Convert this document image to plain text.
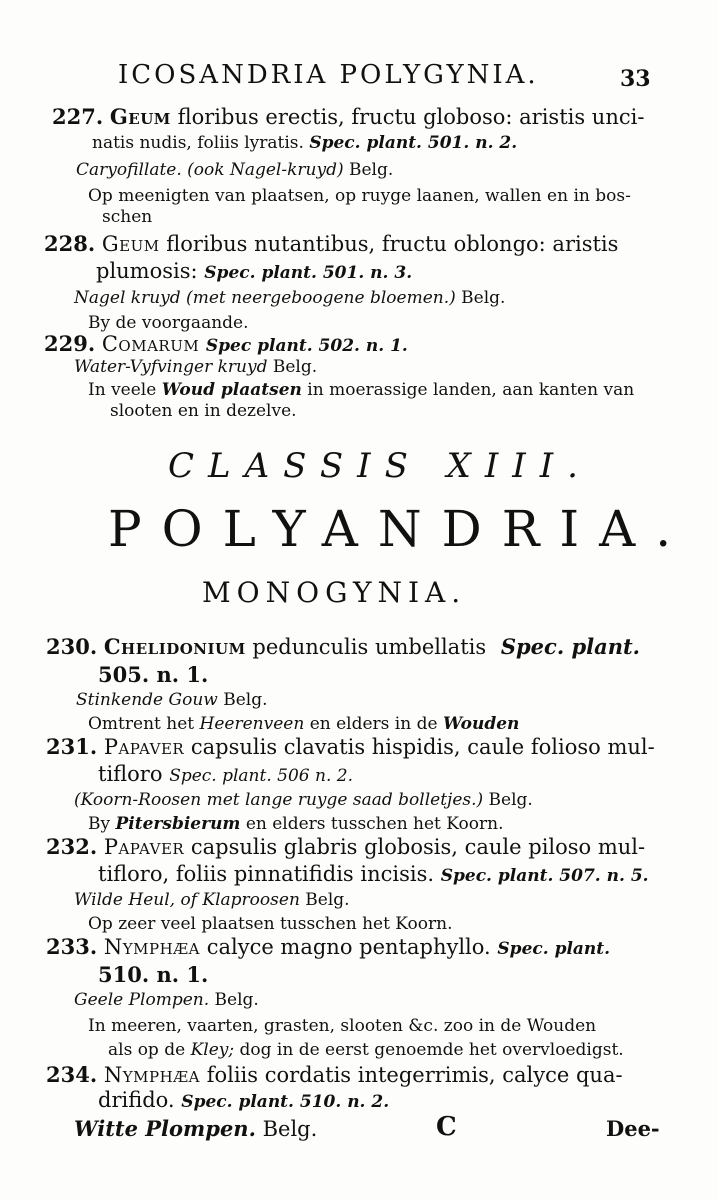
ICOSANDRIA POLYGYNIA.	33
227. Geum floribus erectis, fructu globoso: aristis unci-
natis nudis, foliis lyratis. Spec. plant. 501. n. 2.
Caryofillate. (ook Nagel-kruyd) Belg.
Op meenigten van plaatsen, op ruyge laanen, wallen en in bos-
schen
228. Geum floribus nutantibus, fructu oblongo: aristis
plumosis: Spec. plant. 501. n. 3.
Nagel kruyd (met neergeboogene bloemen.) Belg.
By de voorgaande.
229. Comarum Spec plant. 502. n. 1.
Water-Vyfvinger kruyd Belg.
In veele Woud plaatsen in moerassige landen, aan kanten van
slooten en in dezelve.
CLASSIS XIII.
POLYANDRIA.
MONOGYNIA.
230. Chelidonium pedunculis umbellatis Spec. plant.
505. n. 1.
Stinkende Gouw Belg.
Omtrent het Heerenveen en elders in de Wouden
231. Papaver capsulis clavatis hispidis, caule folioso mul-
tifloro Spec. plant. 506 n. 2.
(Koorn-Roosen met lange ruyge saad bolletjes.) Belg.
By Pitersbierum en elders tusschen het Koorn.
232. Papaver capsulis glabris globosis, caule piloso mul-
tifloro, foliis pinnatifidis incisis. Spec. plant. 507. n. 5.
Wilde Heul, of Klaproosen Belg.
Op zeer veel plaatsen tusschen het Koorn.
233. Nymphæa calyce magno pentaphyllo. Spec. plant.
510. n. 1.
Geele Plompen. Belg.
In meeren, vaarten, grasten, slooten &c. zoo in de Wouden
als op de Kley; dog in de eerst genoemde het overvloedigst.
234. Nymphæa foliis cordatis integerrimis, calyce qua-
drifido. Spec. plant. 510. n. 2.
Witte Plompen. Belg.	C	Dee-
